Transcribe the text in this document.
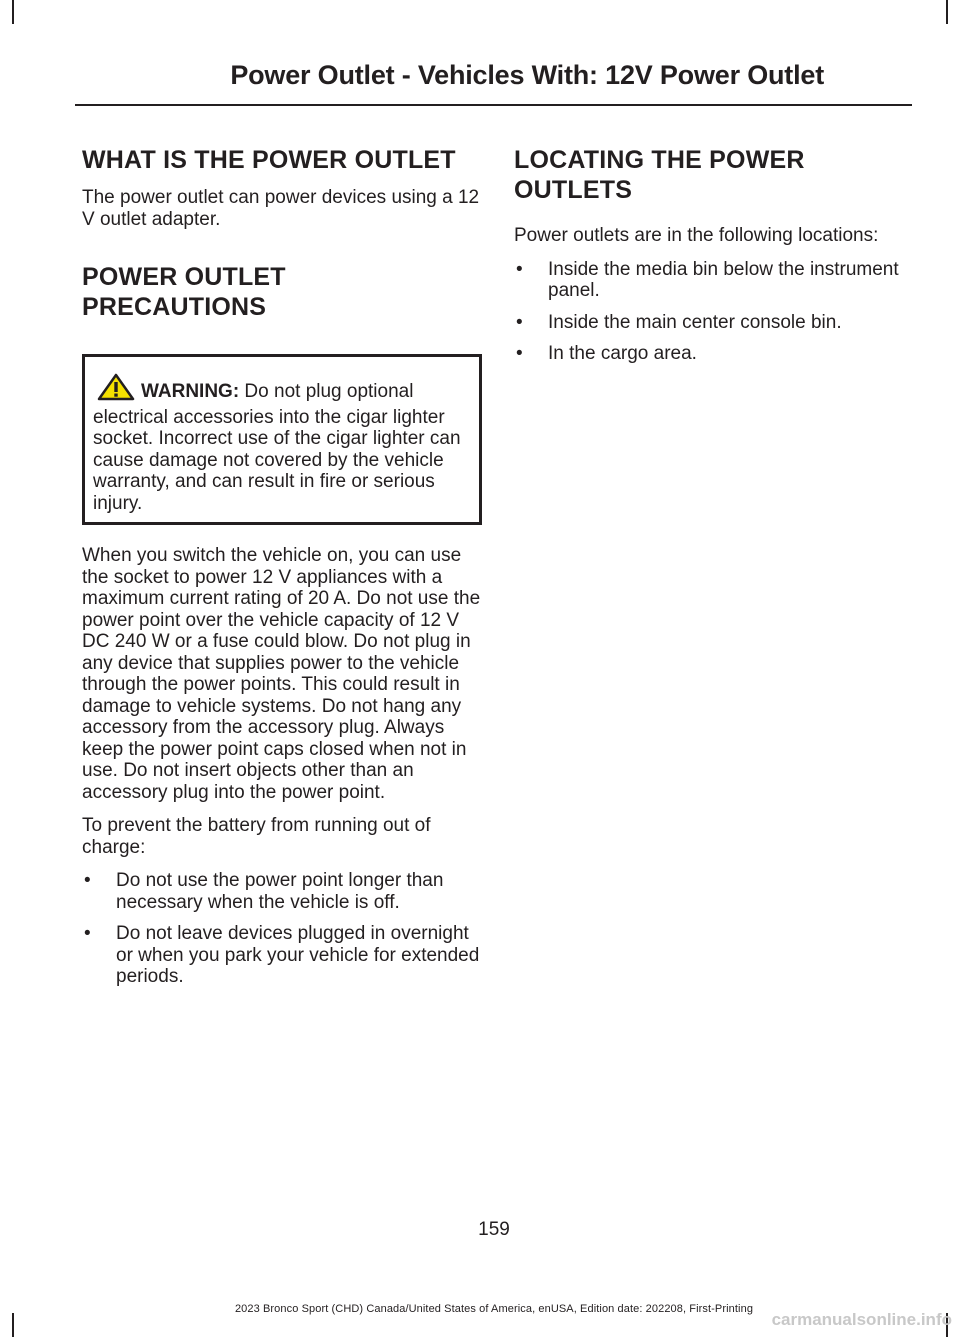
Power Outlet - Vehicles With: 12V Power Outlet
WHAT IS THE POWER OUTLET

The power outlet can power devices using a 12 V outlet adapter.

POWER OUTLET
PRECAUTIONS
WARNING: Do not plug optional electrical accessories into the cigar lighter socket. Incorrect use of the cigar lighter can cause damage not covered by the vehicle warranty, and can result in fire or serious injury.

When you switch the vehicle on, you can use the socket to power 12 V appliances with a maximum current rating of 20 A. Do not use the power point over the vehicle capacity of 12 V DC 240 W or a fuse could blow. Do not plug in any device that supplies power to the vehicle through the power points. This could result in damage to vehicle systems. Do not hang any accessory from the accessory plug. Always keep the power point caps closed when not in use. Do not insert objects other than an accessory plug into the power point.

To prevent the battery from running out of charge:

• Do not use the power point longer than necessary when the vehicle is off.
• Do not leave devices plugged in overnight or when you park your vehicle for extended periods.
LOCATING THE POWER
OUTLETS

Power outlets are in the following locations:

• Inside the media bin below the instrument panel.
• Inside the main center console bin.
• In the cargo area.
159
2023 Bronco Sport (CHD) Canada/United States of America, enUSA, Edition date: 202208, First-Printing
carmanualsonline.info
